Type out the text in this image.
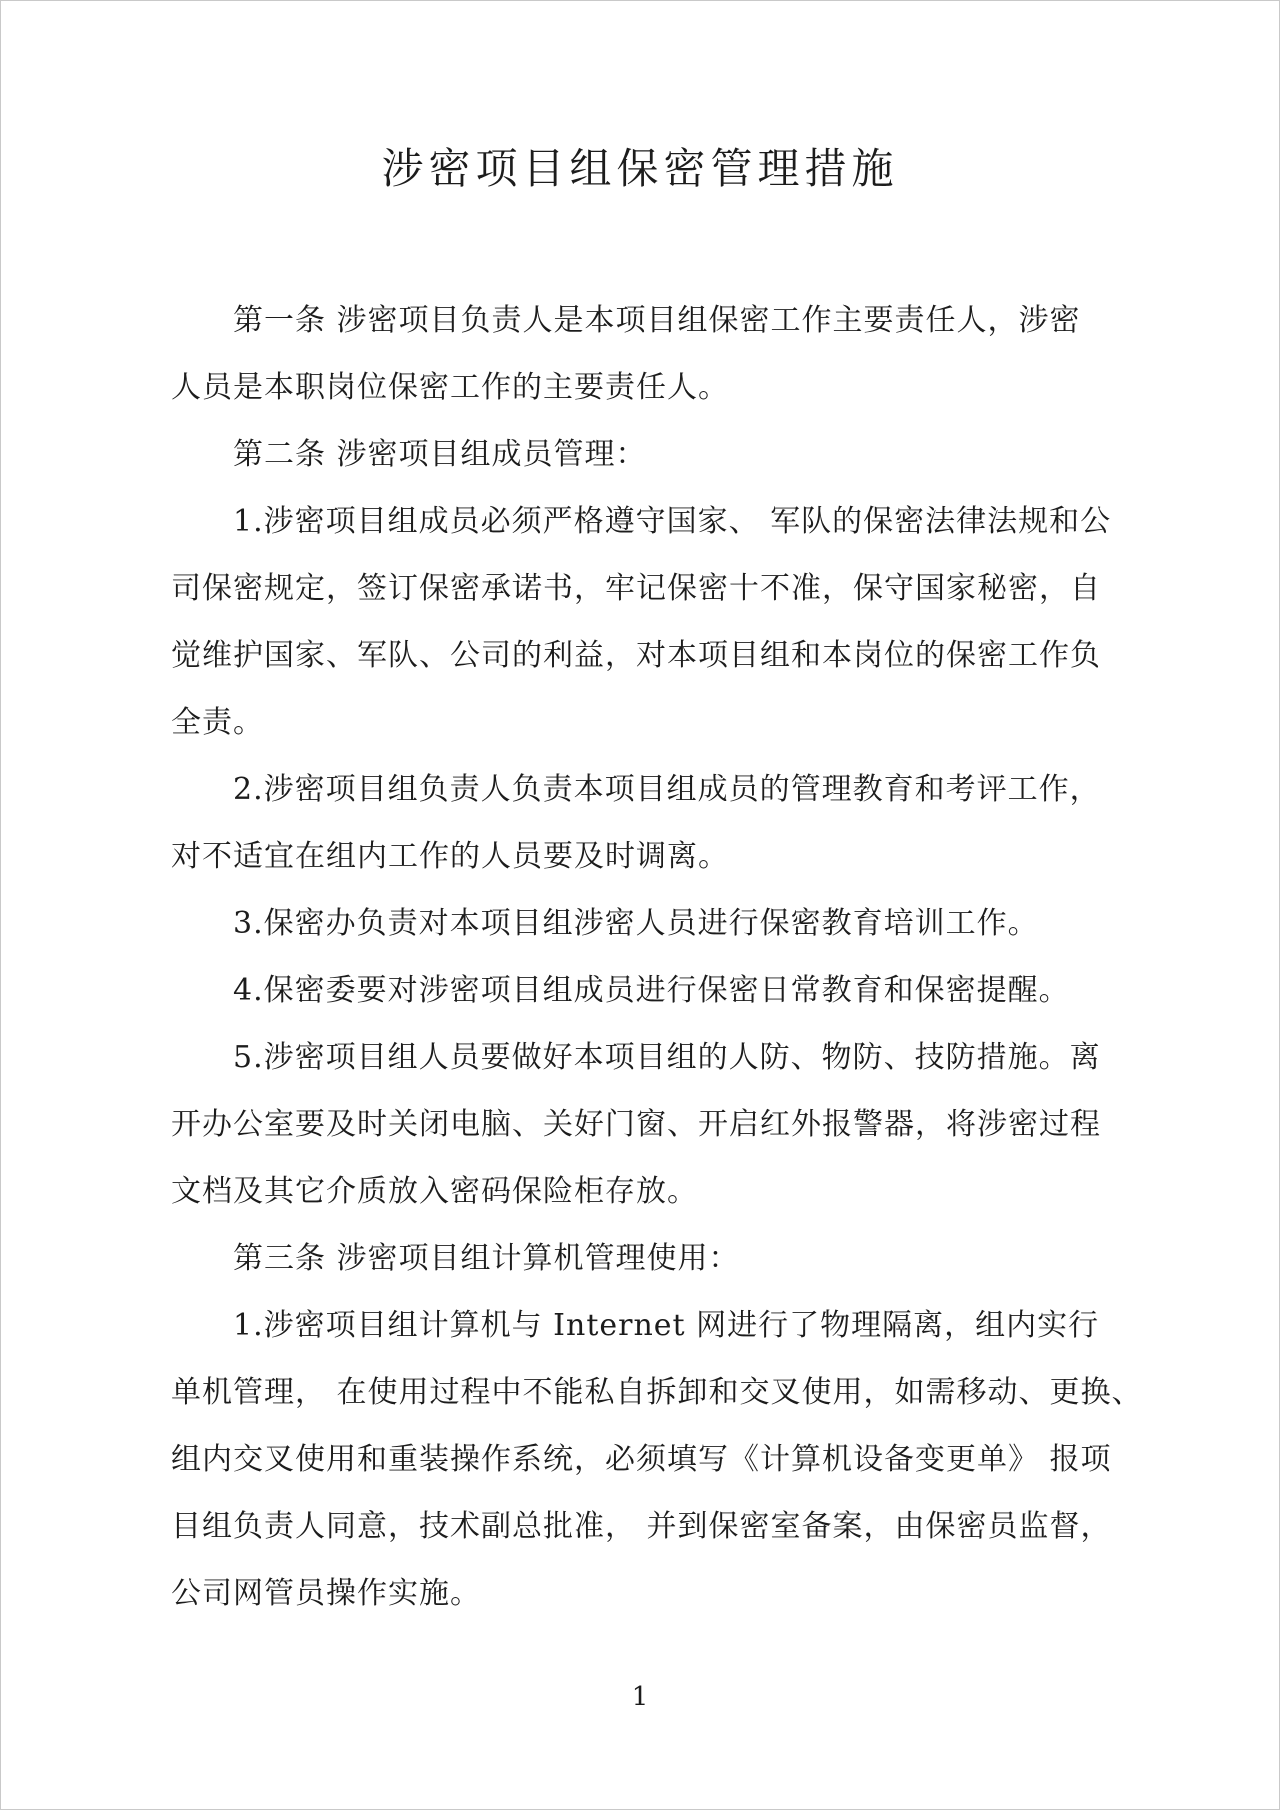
涉密项目组保密管理措施
　　第一条 涉密项目负责人是本项目组保密工作主要责任人，涉密
人员是本职岗位保密工作的主要责任人。
　　第二条 涉密项目组成员管理：
　　1.涉密项目组成员必须严格遵守国家、 军队的保密法律法规和公
司保密规定，签订保密承诺书，牢记保密十不准，保守国家秘密，自
觉维护国家、军队、公司的利益，对本项目组和本岗位的保密工作负
全责。
　　2.涉密项目组负责人负责本项目组成员的管理教育和考评工作，
对不适宜在组内工作的人员要及时调离。
　　3.保密办负责对本项目组涉密人员进行保密教育培训工作。
　　4.保密委要对涉密项目组成员进行保密日常教育和保密提醒。
　　5.涉密项目组人员要做好本项目组的人防、物防、技防措施。离
开办公室要及时关闭电脑、关好门窗、开启红外报警器，将涉密过程
文档及其它介质放入密码保险柜存放。
　　第三条 涉密项目组计算机管理使用：
　　1.涉密项目组计算机与 Internet 网进行了物理隔离，组内实行
单机管理， 在使用过程中不能私自拆卸和交叉使用，如需移动、更换、
组内交叉使用和重装操作系统，必须填写《计算机设备变更单》 报项
目组负责人同意，技术副总批准， 并到保密室备案，由保密员监督，
公司网管员操作实施。
1
